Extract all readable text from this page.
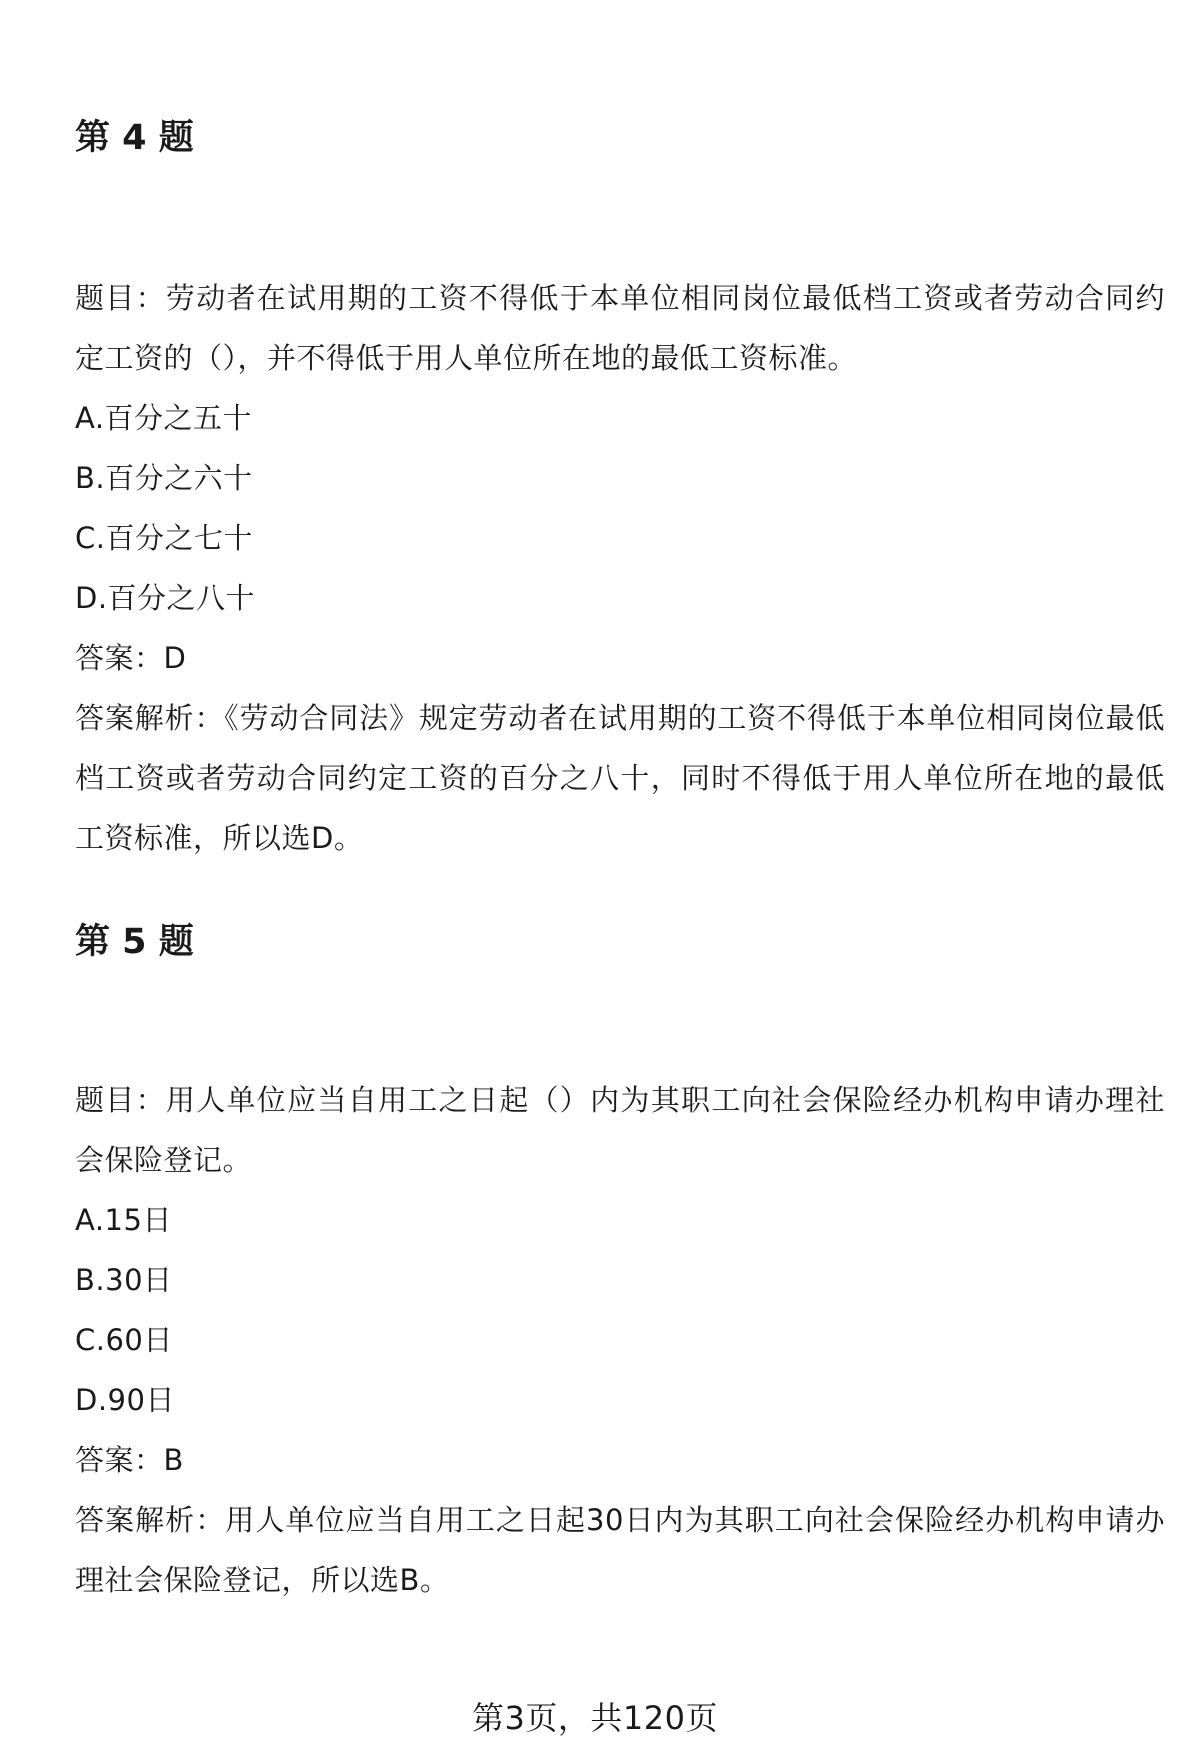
第 4 题

题目：劳动者在试用期的工资不得低于本单位相同岗位最低档工资或者劳动合同约定工资的（），并不得低于用人单位所在地的最低工资标准。

A.百分之五十

B.百分之六十

C.百分之七十

D.百分之八十

答案：D

答案解析：《劳动合同法》规定劳动者在试用期的工资不得低于本单位相同岗位最低档工资或者劳动合同约定工资的百分之八十，同时不得低于用人单位所在地的最低工资标准，所以选D。

第 5 题

题目：用人单位应当自用工之日起（）内为其职工向社会保险经办机构申请办理社会保险登记。

A.15日

B.30日

C.60日

D.90日

答案：B

答案解析：用人单位应当自用工之日起30日内为其职工向社会保险经办机构申请办理社会保险登记，所以选B。

第3页，共120页
